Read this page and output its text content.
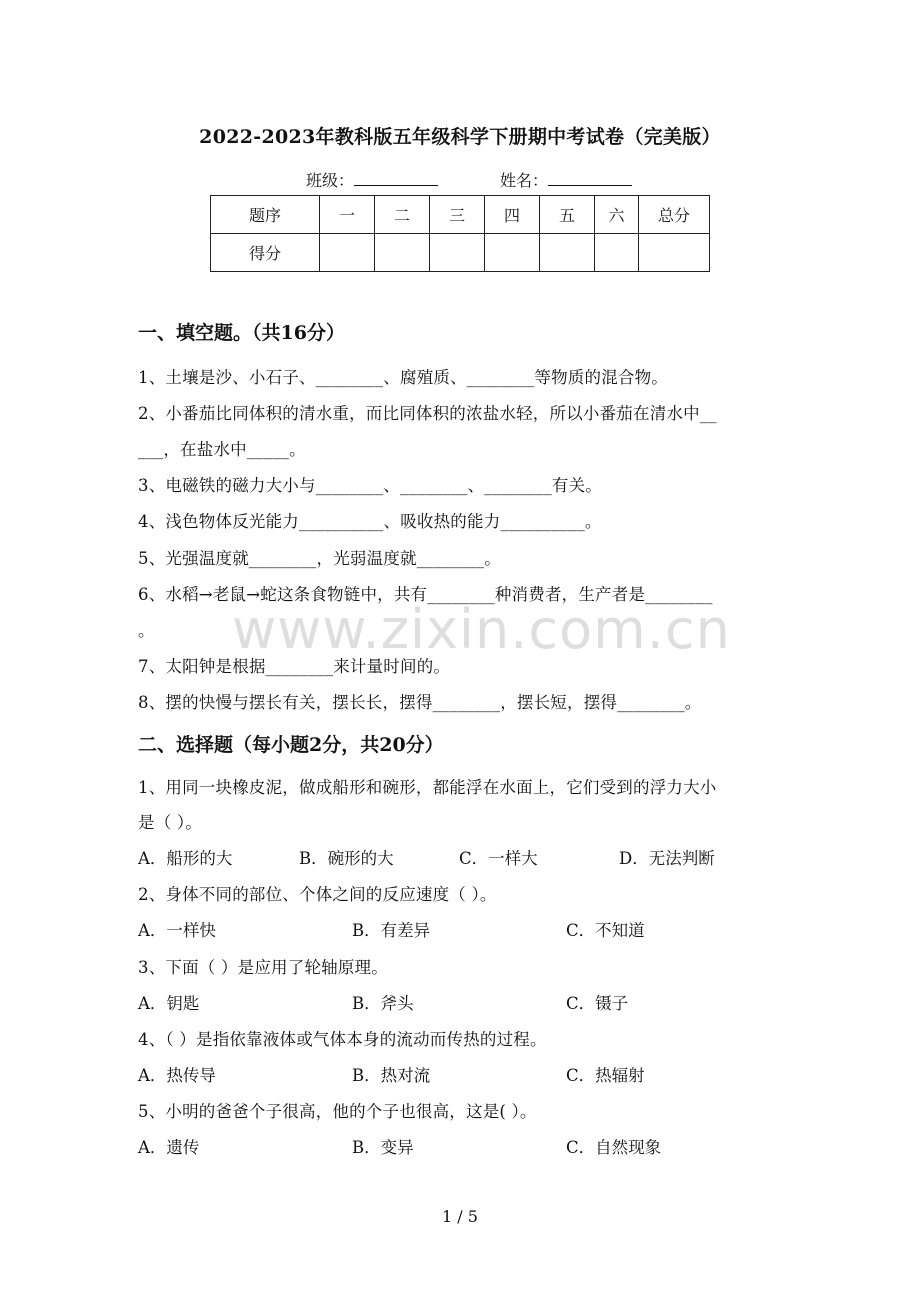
2022-2023年教科版五年级科学下册期中考试卷（完美版）
班级：	姓名：
题序	一	二	三	四	五	六	总分
得分							
www.zixin.com.cn
一、填空题。（共16分）
1、土壤是沙、小石子、________、腐殖质、________等物质的混合物。
2、小番茄比同体积的清水重，而比同体积的浓盐水轻，所以小番茄在清水中__
___，在盐水中_____。
3、电磁铁的磁力大小与________、________、________有关。
4、浅色物体反光能力__________、吸收热的能力__________。
5、光强温度就________，光弱温度就________。
6、水稻→老鼠→蛇这条食物链中，共有________种消费者，生产者是________
。
7、太阳钟是根据________来计量时间的。
8、摆的快慢与摆长有关，摆长长，摆得________，摆长短，摆得________。
二、选择题（每小题2分，共20分）
1、用同一块橡皮泥，做成船形和碗形，都能浮在水面上，它们受到的浮力大小
是（ ）。
A．船形的大	B．碗形的大	C．一样大	D．无法判断
2、身体不同的部位、个体之间的反应速度（ ）。
A．一样快	B．有差异	C．不知道
3、下面（ ）是应用了轮轴原理。
A．钥匙	B．斧头	C．镊子
4、（ ）是指依靠液体或气体本身的流动而传热的过程。
A．热传导	B．热对流	C．热辐射
5、小明的爸爸个子很高，他的个子也很高，这是( ）。
A．遗传	B．变异	C．自然现象
1 / 5
